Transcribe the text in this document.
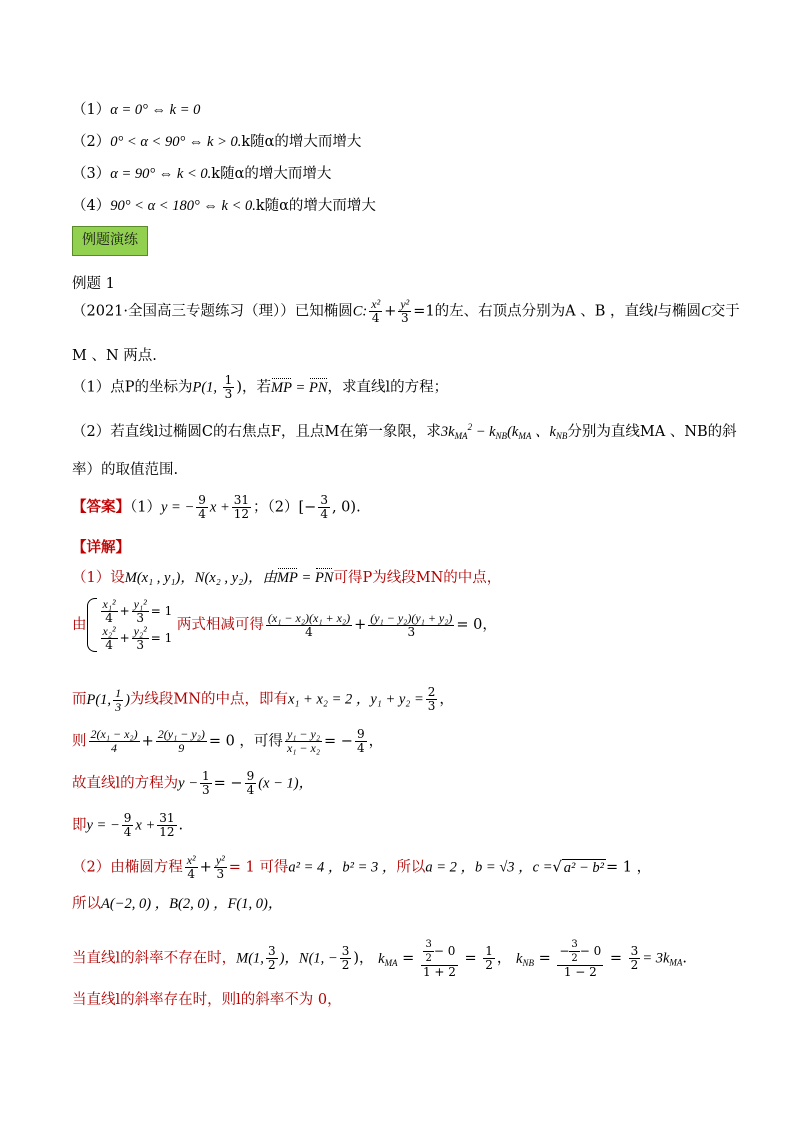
（1）α = 0° ⇔ k = 0
（2）0° < α < 90° ⇔ k > 0.k随α的增大而增大
（3）α = 90° ⇔ k < 0.k随α的增大而增大
（4）90° < α < 180° ⇔ k < 0.k随α的增大而增大
例题演练
例题 1
（2021·全国高三专题练习（理））已知椭圆C: $\frac{\text{x²}}{4} + \frac{\text{y²}}{3} =1$的左、右顶点分别为A 、B ，直线l与椭圆C交于
M 、N 两点.
（1）点P的坐标为P(1, $\frac{1}{3}$ )，若MP = PN，求直线l的方程；
（2）若直线l过椭圆C的右焦点F，且点M在第一象限，求$3k_{MA}^2 - k_{NB}(k_{MA}$ 、$k_{NB}$分别为直线MA 、NB的斜
率）的取值范围.
【答案】（1）y = − $\frac{9}{4}$ $x + \frac{31}{12}$ ；$(2)[- \frac{3}{4}$ , 0).
【详解】
（1）设M(x₁ , y₁)，N(x₂ , y₂)，由MP = PN可得P为线段MN的中点，
由 $\frac{\text{x₁²}}{4} + \frac{\text{y₁²}}{3} = 1$
$\frac{\text{x₂²}}{4} + \frac{\text{y₂²}}{3} = 1$
两式相减可得 $\frac{\text{(x₁ − x₂)(x₁ + x₂)}}{4} + \frac{\text{(y₁ − y₂)(y₁ + y₂)}}{3} = 0$，
而P(1, $\frac{1}{3}$ )为线段MN的中点，即有x₁ + x₂ = 2 ，$y_1 + y_2 = \frac{2}{3}$ ，
则 $\frac{\text{2(x₁ − x₂)}}{4} + \frac{\text{2(y₁ − y₂)}}{9} = 0$ ，可得 $\frac{\text{y₁ − y₂}}{\text{x₁ − x₂}}$ = − $\frac{9}{4}$ ，
故直线l的方程为$y - \frac{1}{3}$ = − $\frac{9}{4} (x - 1)$，
即y = − $\frac{9}{4}$ $x + \frac{31}{12}$ .
（2）由椭圆方程 $\frac{\text{x²}}{4} + \frac{\text{y²}}{3} = 1$ 可得a² = 4 ，b² = 3 ，所以a = 2 ，b = √3 ，c =√ a² − b² = 1 ，
所以A(−2, 0) ，B(2, 0) ，F(1, 0)，
当直线l的斜率不存在时，M(1, $\frac{3}{2}$ )，N(1, − $\frac{3}{2}$ )， $k_{MA} = \frac{\frac{3}{2} - 0}{1 + 2} = \frac{1}{2}$ ， $k_{NB} = \frac{- \frac{3}{2} - 0}{1 - 2} = \frac{3}{2} = 3k_{MA}$.
当直线l的斜率存在时，则l的斜率不为 0，
